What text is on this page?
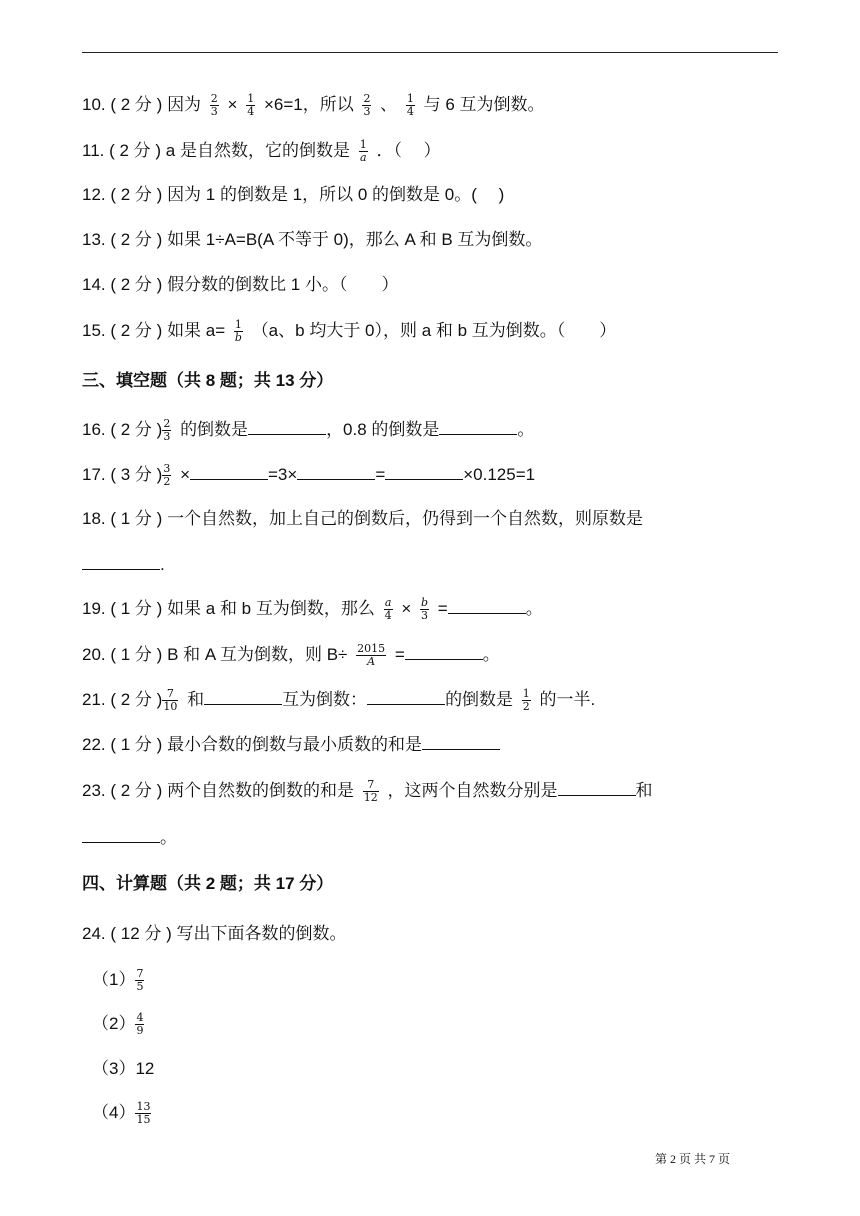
10. ( 2 分 ) 因为 $\frac{2}{3} \times \frac{1}{4} \times 6=1$，所以 $\frac{2}{3}$ 、 $\frac{1}{4}$ 与 6 互为倒数。
11. ( 2 分 ) a 是自然数，它的倒数是 $\frac{1}{a}$ ．（　 ）
12. ( 2 分 ) 因为 1 的倒数是 1，所以 0 的倒数是 0。(　 )
13. ( 2 分 ) 如果 1÷A=B(A 不等于 0)，那么 A 和 B 互为倒数。
14. ( 2 分 ) 假分数的倒数比 1 小。（　　）
15. ( 2 分 ) 如果 $a= \frac{1}{b} (a$、b 均大于 0），则 a 和 b 互为倒数。（　　）
三、填空题（共 8 题；共 13 分）
16. ( 2 分 ) $\frac{2}{3}$ 的倒数是	，0.8 的倒数是	。
17. ( 3 分 ) $\frac{3}{2}$ ×	=3×	=	×0.125=1
18. ( 1 分 ) 一个自然数，加上自己的倒数后，仍得到一个自然数，则原数是
.
19. ( 1 分 ) 如果 a 和 b 互为倒数，那么 $\frac{a}{4} \times \frac{b}{3}$ =	。
20. ( 1 分 ) B 和 A 互为倒数，则 $B\div \frac{2015}{A}$ =	。
21. ( 2 分 ) $\frac{7}{10}$ 和	互为倒数：	的倒数是 $\frac{1}{2}$ 的一半.
22. ( 1 分 ) 最小合数的倒数与最小质数的和是
23. ( 2 分 ) 两个自然数的倒数的和是 $\frac{7}{12}$ ，这两个自然数分别是	和
。
四、计算题（共 2 题；共 17 分）
24. ( 12 分 ) 写出下面各数的倒数。
$(1) \frac{7}{5}$
$(2) \frac{4}{9}$
（3）12
$(4) \frac{13}{15}$
第 2 页 共 7 页
